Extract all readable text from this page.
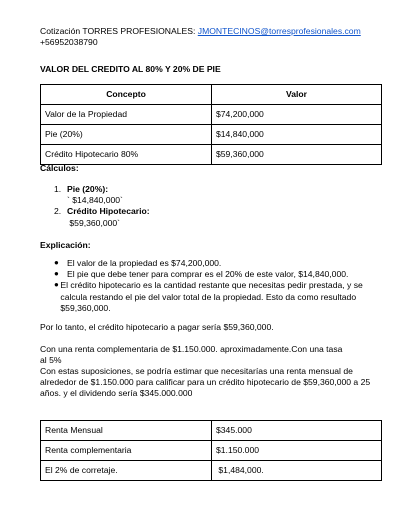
Cotización TORRES PROFESIONALES: JMONTECINOS@torresprofesionales.com
+56952038790
VALOR DEL CREDITO AL 80% Y 20% DE PIE
Concepto	Valor
Valor de la Propiedad	$74,200,000
Pie (20%)	$14,840,000
Crédito Hipotecario 80%	$59,360,000
Cálculos:
1. Pie (20%):
` $14,840,000`
2. Crédito Hipotecario:
$59,360,000`
Explicación:
● El valor de la propiedad es $74,200,000.
● El pie que debe tener para comprar es el 20% de este valor, $14,840,000.
● El crédito hipotecario es la cantidad restante que necesitas pedir prestada, y se calcula restando el pie del valor total de la propiedad. Esto da como resultado $59,360,000.
Por lo tanto, el crédito hipotecario a pagar sería $59,360,000.
Con una renta complementaria de $1.150.000. aproximadamente.Con una tasa
al 5%
Con estas suposiciones, se podría estimar que necesitarías una renta mensual de alrededor de $1.150.000 para calificar para un crédito hipotecario de $59,360,000 a 25 años. y el dividendo sería $345.000.000
Renta Mensual	$345.000
Renta complementaria	$1.150.000
El 2% de corretaje.	$1,484,000.
